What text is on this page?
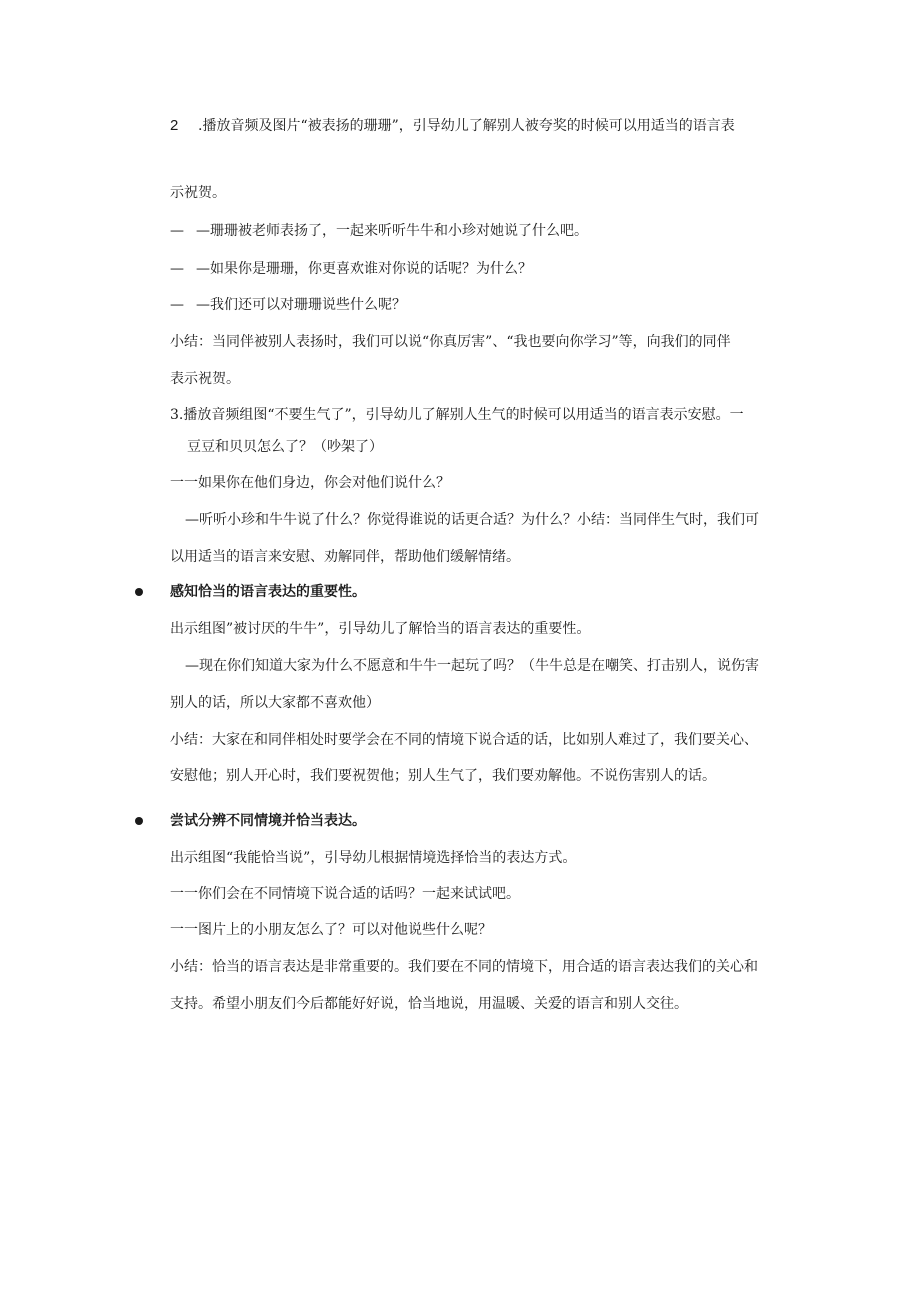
2 .播放音频及图片“被表扬的珊珊”，引导幼儿了解别人被夸奖的时候可以用适当的语言表
示祝贺。
— —珊珊被老师表扬了，一起来听听牛牛和小珍对她说了什么吧。
— —如果你是珊珊，你更喜欢谁对你说的话呢？为什么？
— —我们还可以对珊珊说些什么呢？
小结：当同伴被别人表扬时，我们可以说“你真厉害”、“我也要向你学习”等，向我们的同伴
表示祝贺。
3.播放音频组图“不要生气了”，引导幼儿了解别人生气的时候可以用适当的语言表示安慰。一
豆豆和贝贝怎么了？（吵架了）
一一如果你在他们身边，你会对他们说什么？
—听听小珍和牛牛说了什么？你觉得谁说的话更合适？为什么？小结：当同伴生气时，我们可
以用适当的语言来安慰、劝解同伴，帮助他们缓解情绪。
感知恰当的语言表达的重要性。
出示组图”被讨厌的牛牛”，引导幼儿了解恰当的语言表达的重要性。
—现在你们知道大家为什么不愿意和牛牛一起玩了吗？（牛牛总是在嘲笑、打击别人，说伤害
别人的话，所以大家都不喜欢他）
小结：大家在和同伴相处时要学会在不同的情境下说合适的话，比如别人难过了，我们要关心、
安慰他；别人开心时，我们要祝贺他；别人生气了，我们要劝解他。不说伤害别人的话。
尝试分辨不同情境并恰当表达。
出示组图“我能恰当说”，引导幼儿根据情境选择恰当的表达方式。
一一你们会在不同情境下说合适的话吗？一起来试试吧。
一一图片上的小朋友怎么了？可以对他说些什么呢？
小结：恰当的语言表达是非常重要的。我们要在不同的情境下，用合适的语言表达我们的关心和
支持。希望小朋友们今后都能好好说，恰当地说，用温暖、关爱的语言和别人交往。
